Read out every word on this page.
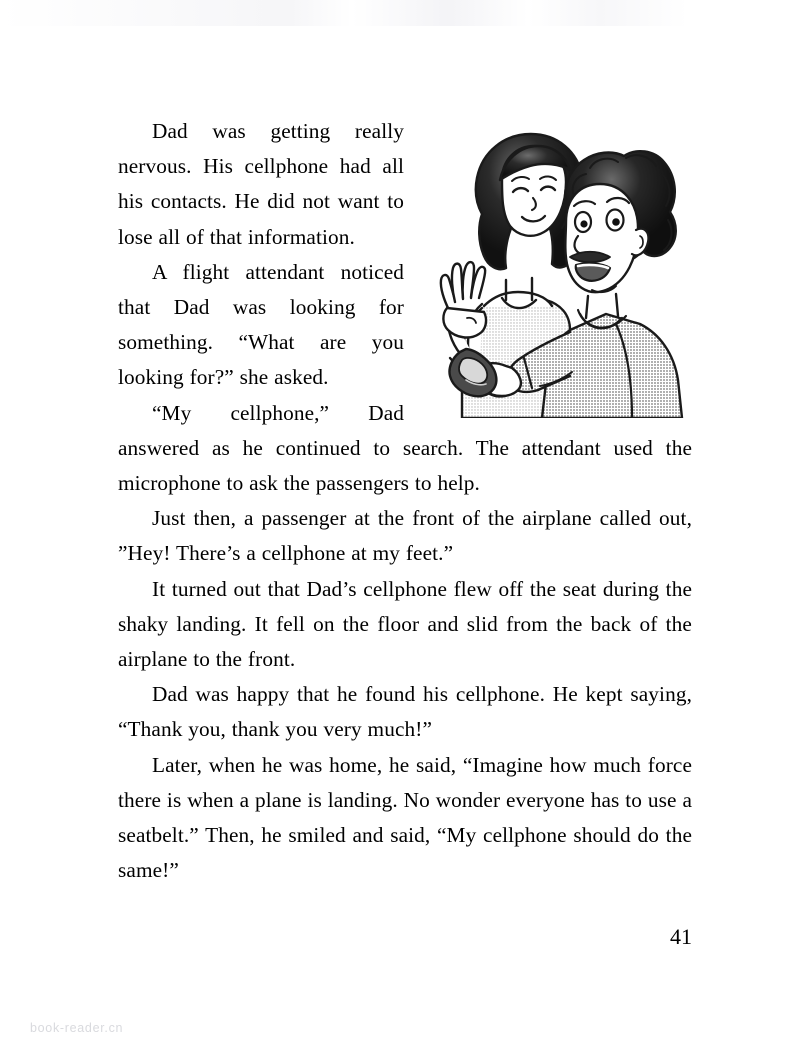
Dad was getting really nervous. His cellphone had all his contacts. He did not want to lose all of that information.

A flight attendant noticed that Dad was looking for something. “What are you looking for?” she asked.

“My cellphone,” Dad answered as he continued to search. The attendant used the microphone to ask the passengers to help.

Just then, a passenger at the front of the airplane called out, ”Hey! There’s a cellphone at my feet.”

It turned out that Dad’s cellphone flew off the seat during the shaky landing. It fell on the floor and slid from the back of the airplane to the front.

Dad was happy that he found his cellphone. He kept saying, “Thank you, thank you very much!”

Later, when he was home, he said, “Imagine how much force there is when a plane is landing. No wonder everyone has to use a seatbelt.” Then, he smiled and said, “My cellphone should do the same!”

41
book-reader.cn
